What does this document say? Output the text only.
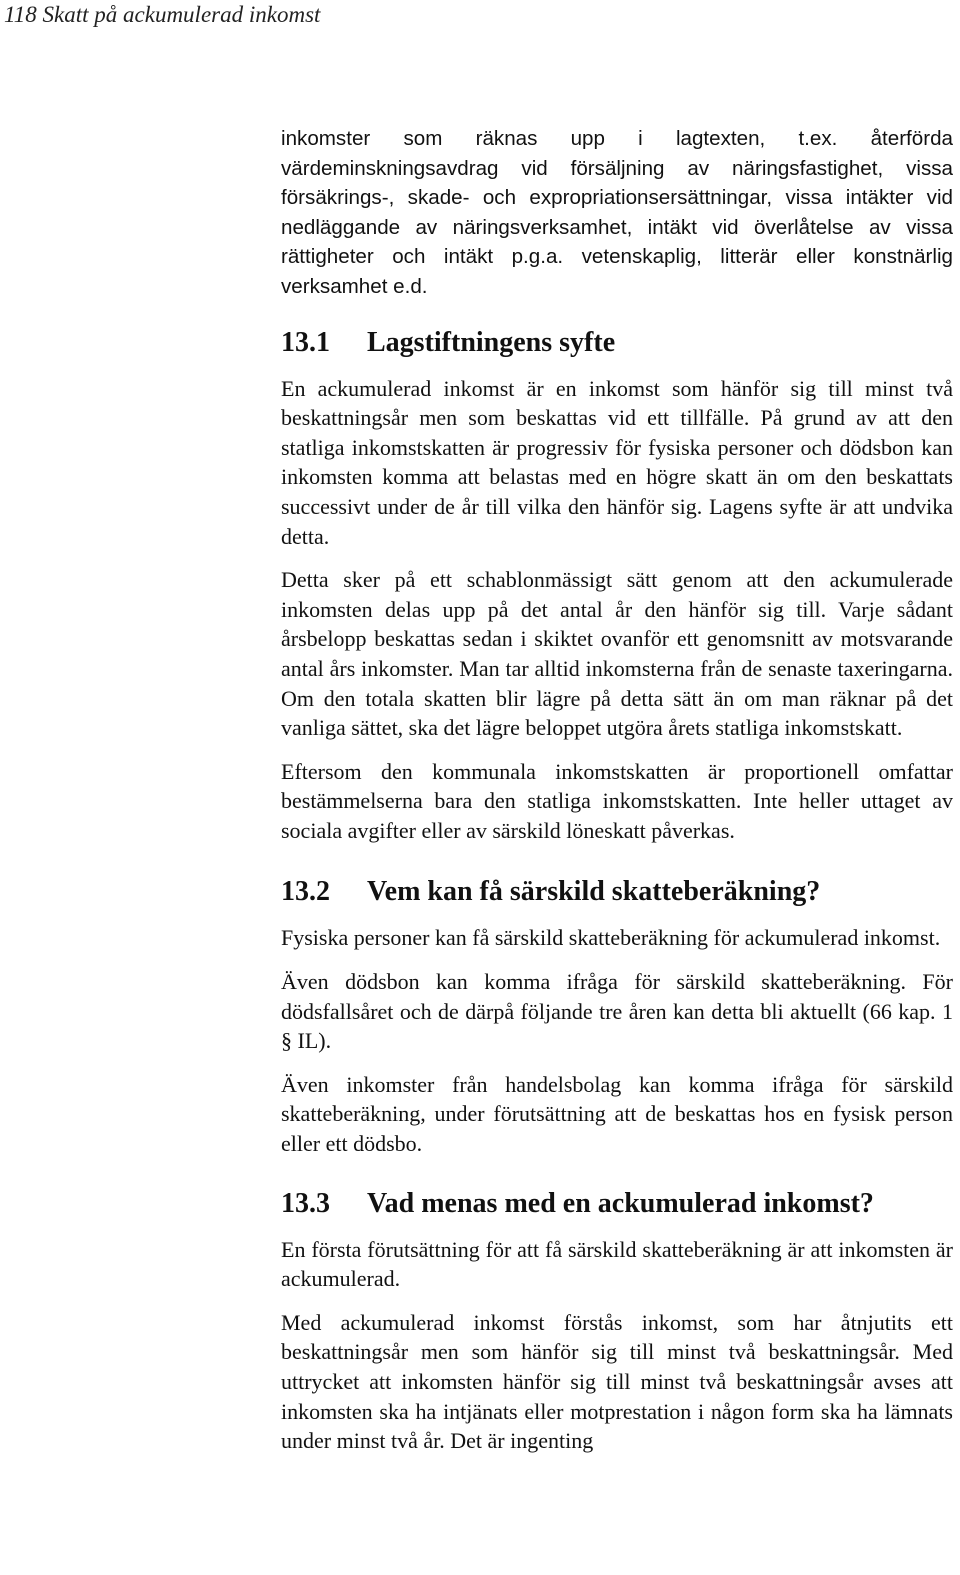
118 Skatt på ackumulerad inkomst

inkomster som räknas upp i lagtexten, t.ex. återförda värdeminskningsavdrag vid försäljning av näringsfastighet, vissa försäkrings-, skade- och expropriationsersättningar, vissa intäkter vid nedläggande av näringsverksamhet, intäkt vid överlåtelse av vissa rättigheter och intäkt p.g.a. vetenskaplig, litterär eller konstnärlig verksamhet e.d.

13.1 Lagstiftningens syfte

En ackumulerad inkomst är en inkomst som hänför sig till minst två beskattningsår men som beskattas vid ett tillfälle. På grund av att den statliga inkomstskatten är progressiv för fysiska personer och dödsbon kan inkomsten komma att belastas med en högre skatt än om den beskattats successivt under de år till vilka den hänför sig. Lagens syfte är att undvika detta.

Detta sker på ett schablonmässigt sätt genom att den ackumulerade inkomsten delas upp på det antal år den hänför sig till. Varje sådant årsbelopp beskattas sedan i skiktet ovanför ett genomsnitt av motsvarande antal års inkomster. Man tar alltid inkomsterna från de senaste taxeringarna. Om den totala skatten blir lägre på detta sätt än om man räknar på det vanliga sättet, ska det lägre beloppet utgöra årets statliga inkomstskatt.

Eftersom den kommunala inkomstskatten är proportionell omfattar bestämmelserna bara den statliga inkomstskatten. Inte heller uttaget av sociala avgifter eller av särskild löneskatt påverkas.

13.2 Vem kan få särskild skatteberäkning?

Fysiska personer kan få särskild skatteberäkning för ackumulerad inkomst.

Även dödsbon kan komma ifråga för särskild skatteberäkning. För dödsfallsåret och de därpå följande tre åren kan detta bli aktuellt (66 kap. 1 § IL).

Även inkomster från handelsbolag kan komma ifråga för särskild skatteberäkning, under förutsättning att de beskattas hos en fysisk person eller ett dödsbo.

13.3 Vad menas med en ackumulerad inkomst?

En första förutsättning för att få särskild skatteberäkning är att inkomsten är ackumulerad.

Med ackumulerad inkomst förstås inkomst, som har åtnjutits ett beskattningsår men som hänför sig till minst två beskattningsår. Med uttrycket att inkomsten hänför sig till minst två beskattningsår avses att inkomsten ska ha intjänats eller motprestation i någon form ska ha lämnats under minst två år. Det är ingenting
